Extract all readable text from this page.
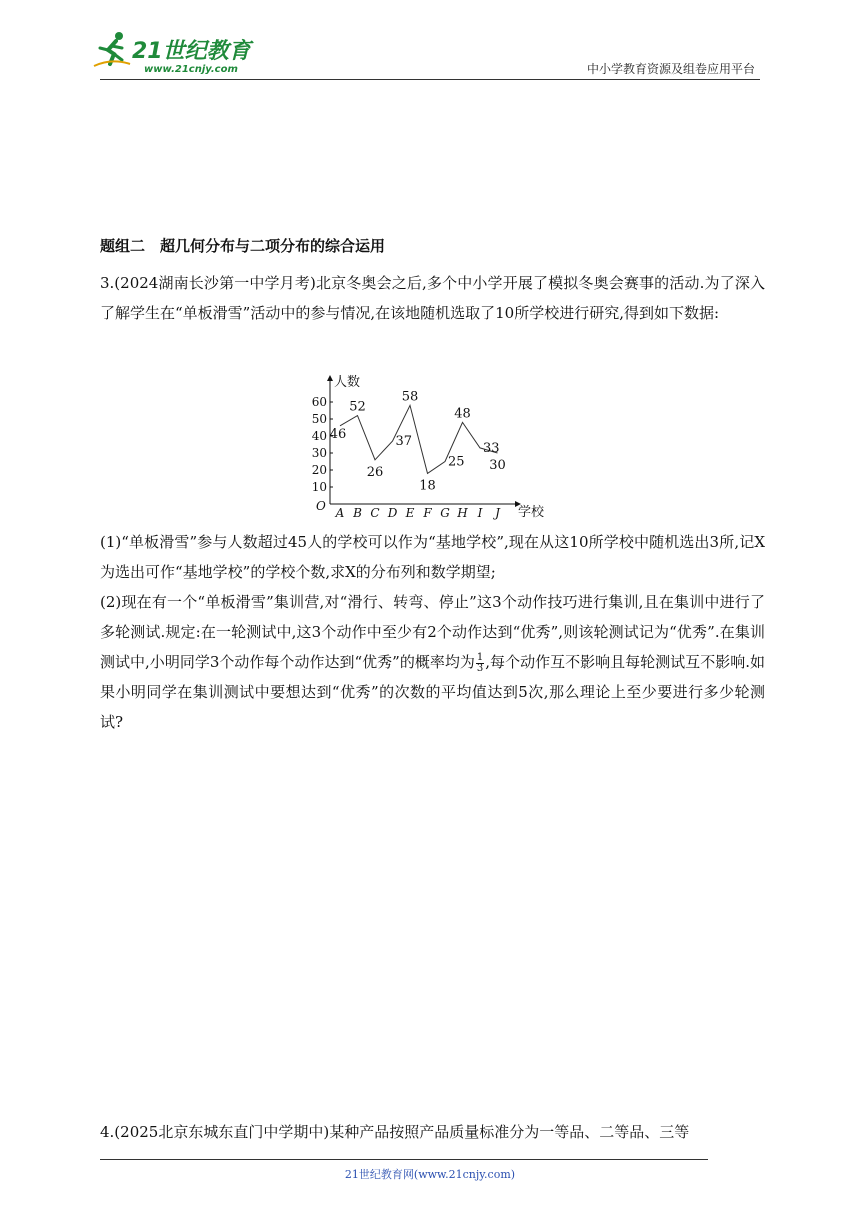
21世纪教育
www.21cnjy.com	中小学教育资源及组卷应用平台
题组二　超几何分布与二项分布的综合运用

3.(2024湖南长沙第一中学月考)北京冬奥会之后,多个中小学开展了模拟冬奥会赛事的活动.为了深入了解学生在“单板滑雪”活动中的参与情况,在该地随机选取了10所学校进行研究,得到如下数据:

人数
学校
O
10
20
30
40
50
60
A B C D E F G H I J
46
52
26
37
58
18
25
48
33
30

(1)“单板滑雪”参与人数超过45人的学校可以作为“基地学校”,现在从这10所学校中随机选出3所,记X为选出可作“基地学校”的学校个数,求X的分布列和数学期望;

(2)现在有一个“单板滑雪”集训营,对“滑行、转弯、停止”这3个动作技巧进行集训,且在集训中进行了多轮测试.规定:在一轮测试中,这3个动作中至少有2个动作达到“优秀”,则该轮测试记为“优秀”.在集训测试中,小明同学3个动作每个动作达到“优秀”的概率均为 $\frac{1}{3}$ ,每个动作互不影响且每轮测试互不影响.如果小明同学在集训测试中要想达到“优秀”的次数的平均值达到5次,那么理论上至少要进行多少轮测试?

4.(2025北京东城东直门中学期中)某种产品按照产品质量标准分为一等品、二等品、三等
21世纪教育网(www.21cnjy.com)
